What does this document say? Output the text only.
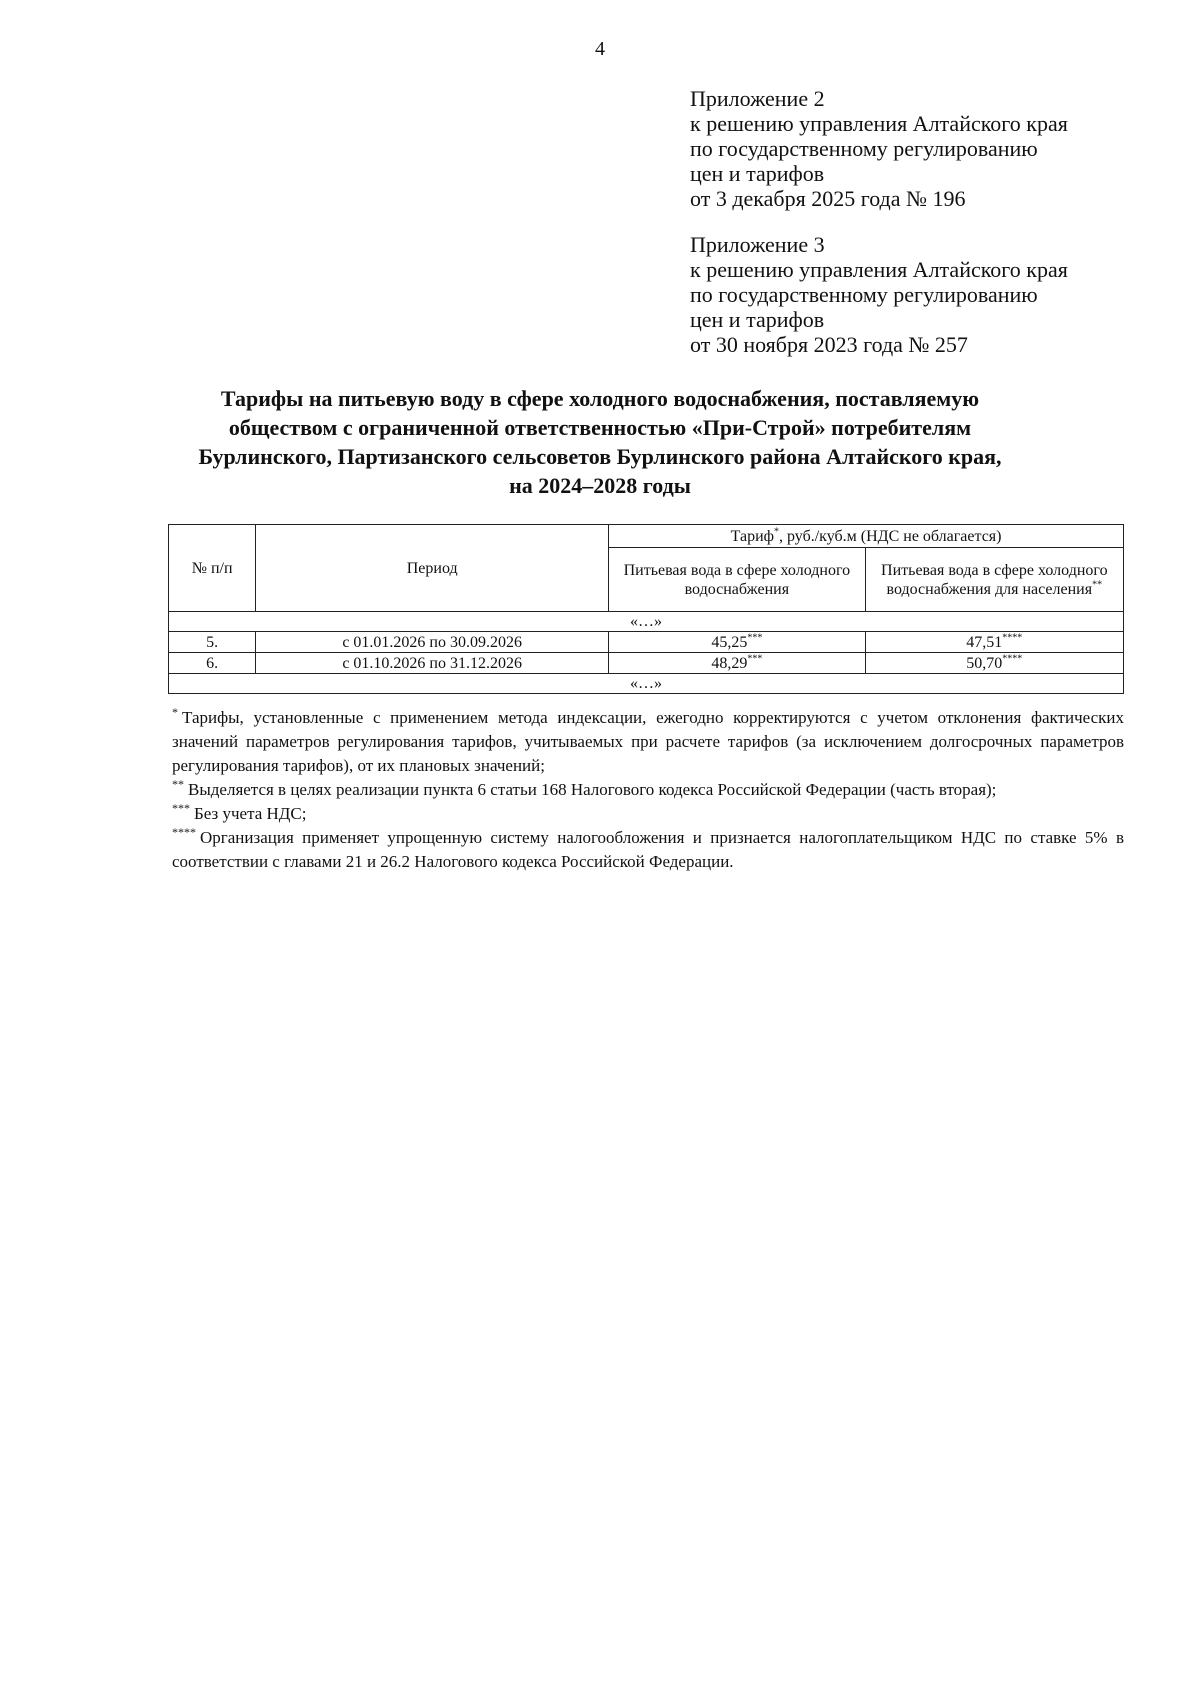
4
Приложение 2
к решению управления Алтайского края
по государственному регулированию
цен и тарифов
от 3 декабря 2025 года № 196
Приложение 3
к решению управления Алтайского края
по государственному регулированию
цен и тарифов
от 30 ноября 2023 года № 257
Тарифы на питьевую воду в сфере холодного водоснабжения, поставляемую
обществом с ограниченной ответственностью «При-Строй» потребителям
Бурлинского, Партизанского сельсоветов Бурлинского района Алтайского края,
на 2024–2028 годы
№ п/п	Период	Тариф*, руб./куб.м (НДС не облагается)	
		Питьевая вода в сфере холодного водоснабжения	Питьевая вода в сфере холодного водоснабжения для населения**
«…»			
5.	с 01.01.2026 по 30.09.2026	45,25***	47,51****
6.	с 01.10.2026 по 31.12.2026	48,29***	50,70****
«…»			

* Тарифы, установленные с применением метода индексации, ежегодно корректируются с учетом отклонения фактических значений параметров регулирования тарифов, учитываемых при расчете тарифов (за исключением долгосрочных параметров регулирования тарифов), от их плановых значений;

** Выделяется в целях реализации пункта 6 статьи 168 Налогового кодекса Российской Федерации (часть вторая);

*** Без учета НДС;

**** Организация применяет упрощенную систему налогообложения и признается налогоплательщиком НДС по ставке 5% в соответствии с главами 21 и 26.2 Налогового кодекса Российской Федерации.
